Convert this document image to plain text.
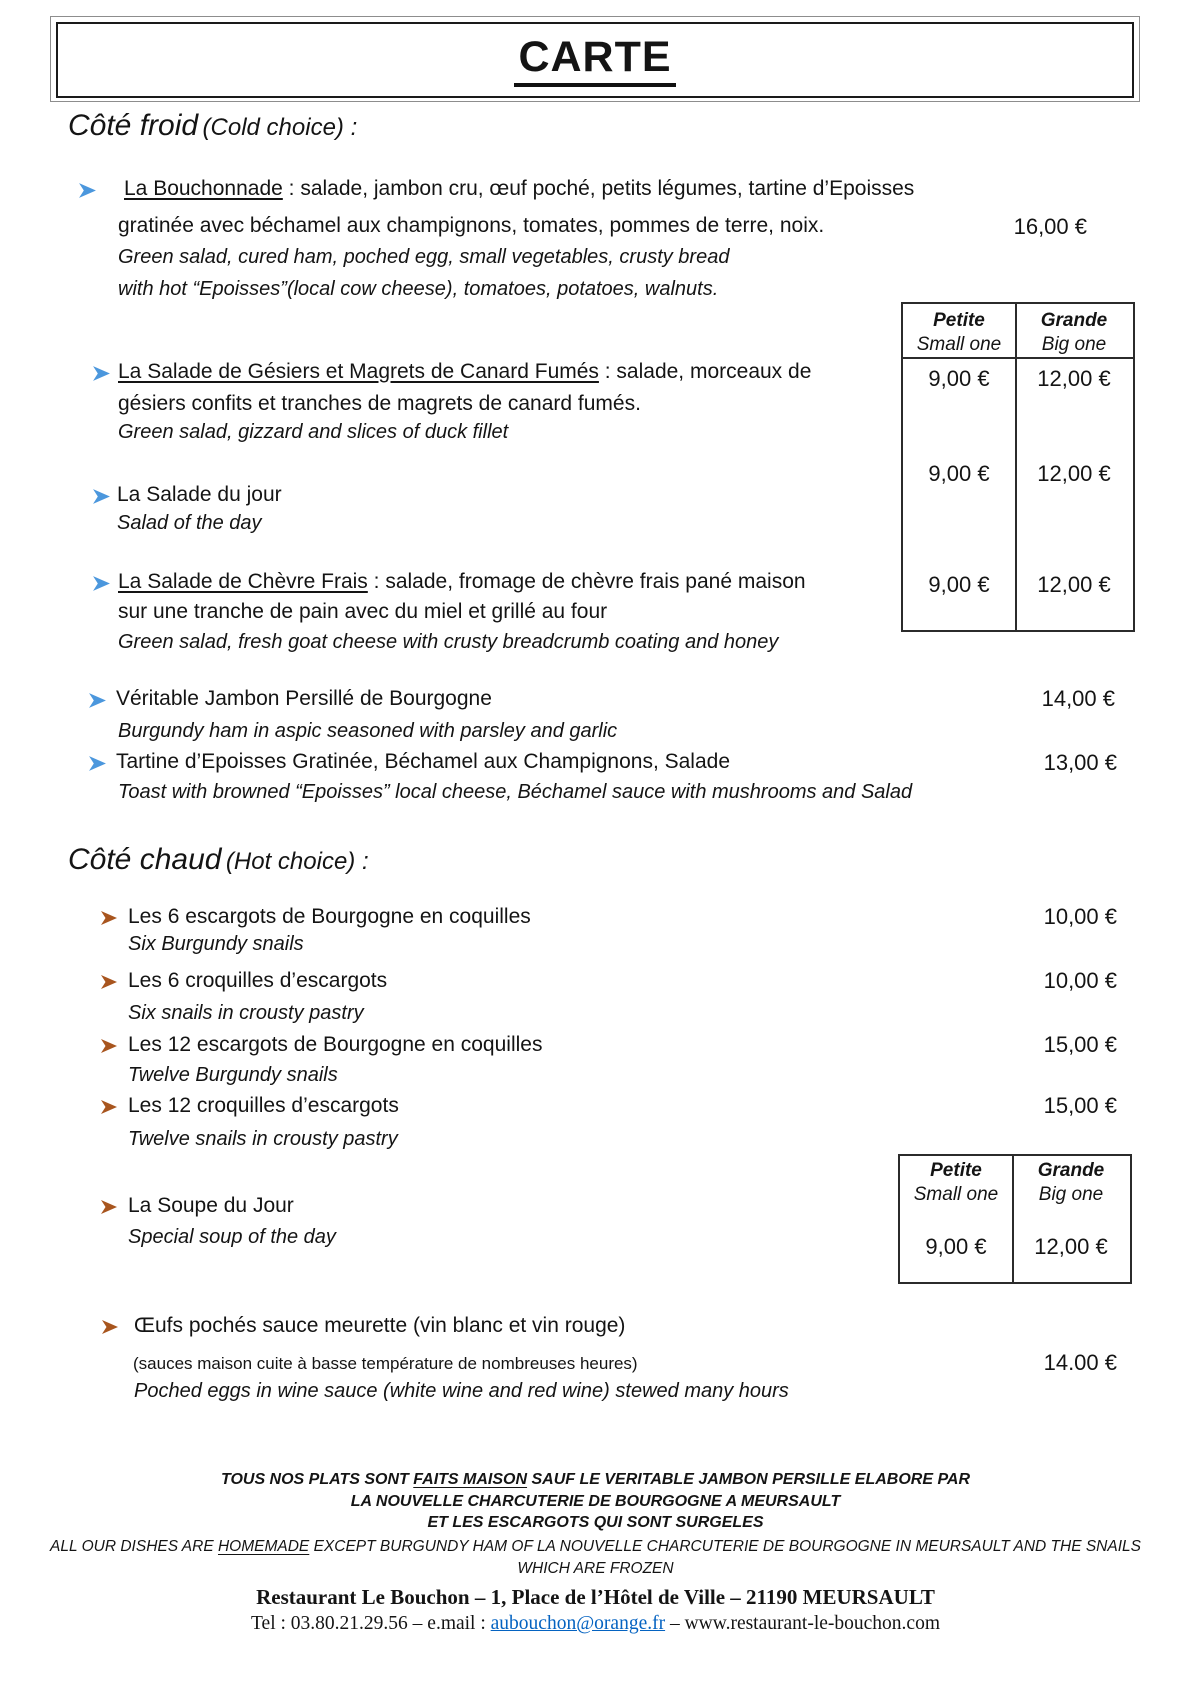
CARTE
Côté froid (Cold choice) :
La Bouchonnade : salade, jambon cru, œuf poché, petits légumes, tartine d’Epoisses
gratinée avec béchamel aux champignons, tomates, pommes de terre, noix.	16,00 €
Green salad, cured ham, poched egg, small vegetables, crusty bread
with hot “Epoisses”(local cow cheese), tomatoes, potatoes, walnuts.
Petite
Small one
Grande
Big one
9,00 €	12,00 €
9,00 €	12,00 €
9,00 €	12,00 €
La Salade de Gésiers et Magrets de Canard Fumés : salade, morceaux de
gésiers confits et tranches de magrets de canard fumés.
Green salad, gizzard and slices of duck fillet
La Salade du jour
Salad of the day
La Salade de Chèvre Frais : salade, fromage de chèvre frais pané maison
sur une tranche de pain avec du miel et grillé au four
Green salad, fresh goat cheese with crusty breadcrumb coating and honey
Véritable Jambon Persillé de Bourgogne	14,00 €
Burgundy ham in aspic seasoned with parsley and garlic
Tartine d’Epoisses Gratinée, Béchamel aux Champignons, Salade	13,00 €
Toast with browned “Epoisses” local cheese, Béchamel sauce with mushrooms and Salad
Côté chaud (Hot choice) :
Les 6 escargots de Bourgogne en coquilles	10,00 €
Six Burgundy snails
Les 6 croquilles d’escargots	10,00 €
Six snails in crousty pastry
Les 12 escargots de Bourgogne en coquilles	15,00 €
Twelve Burgundy snails
Les 12 croquilles d’escargots	15,00 €
Twelve snails in crousty pastry
Petite
Small one
Grande
Big one
9,00 €	12,00 €
La Soupe du Jour
Special soup of the day
Œufs pochés sauce meurette (vin blanc et vin rouge)
(sauces maison cuite à basse température de nombreuses heures)	14.00 €
Poched eggs in wine sauce (white wine and red wine) stewed many hours
TOUS NOS PLATS SONT FAITS MAISON SAUF LE VERITABLE JAMBON PERSILLE ELABORE PAR
LA NOUVELLE CHARCUTERIE DE BOURGOGNE A MEURSAULT
ET LES ESCARGOTS QUI SONT SURGELES
ALL OUR DISHES ARE HOMEMADE EXCEPT BURGUNDY HAM OF LA NOUVELLE CHARCUTERIE DE BOURGOGNE IN MEURSAULT AND THE SNAILS
WHICH ARE FROZEN
Restaurant Le Bouchon – 1, Place de l’Hôtel de Ville – 21190 MEURSAULT
Tel : 03.80.21.29.56 – e.mail : aubouchon@orange.fr – www.restaurant-le-bouchon.com
